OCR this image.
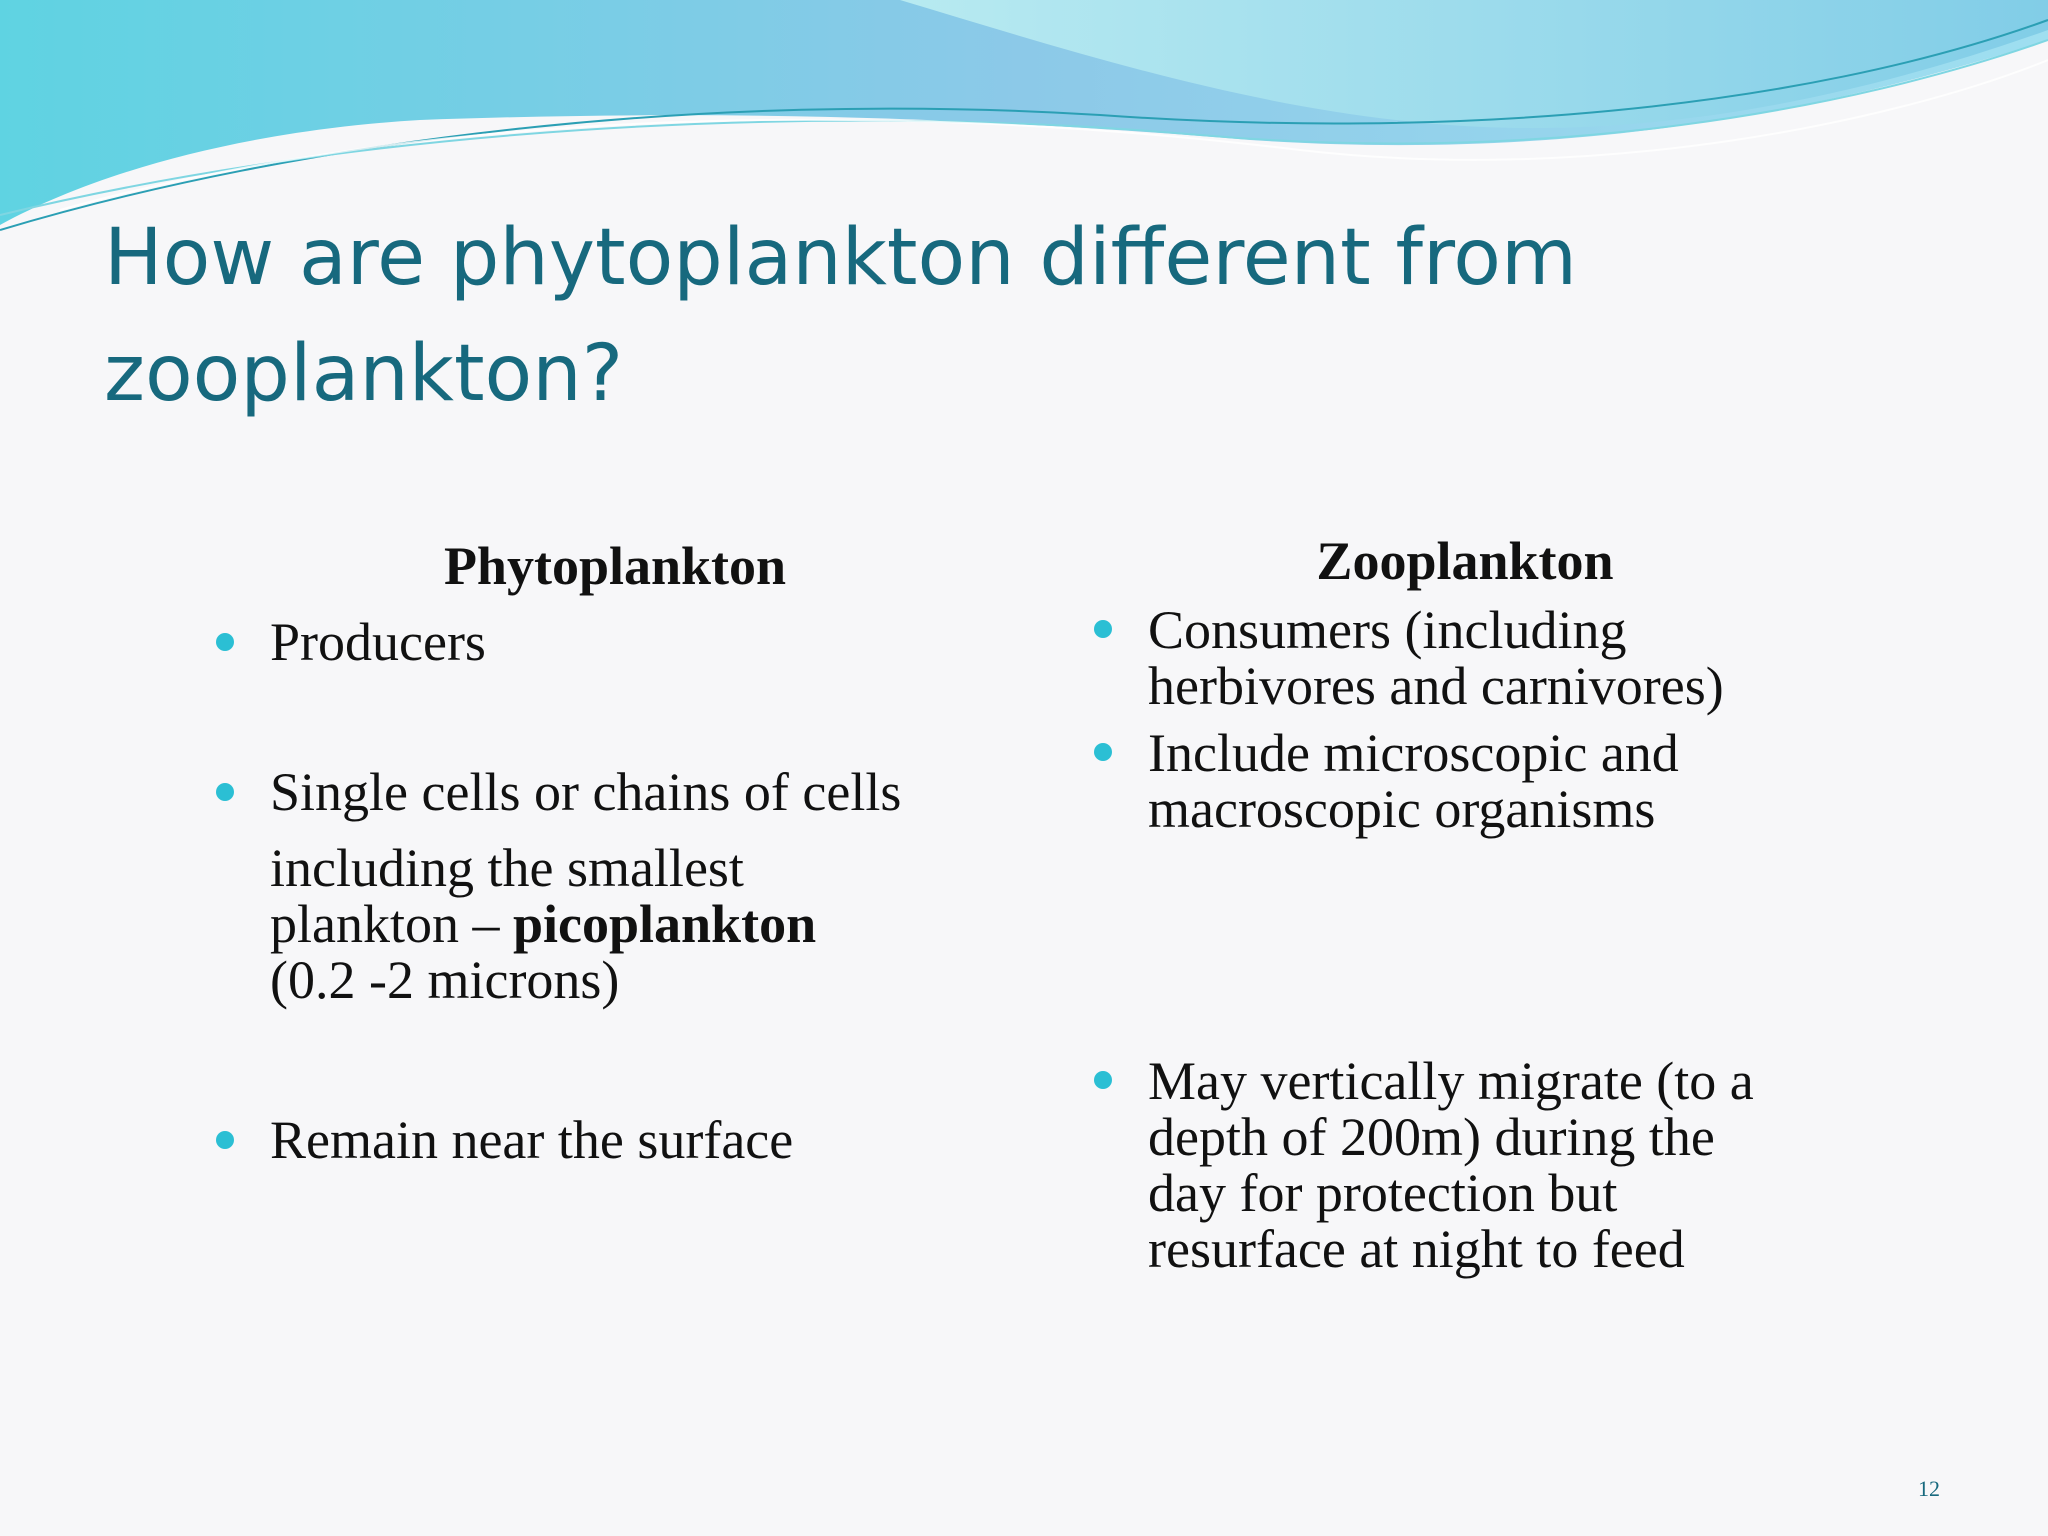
How are phytoplankton different from zooplankton?
Phytoplankton
Producers
Single cells or chains of cells
including the smallest
plankton – picoplankton
(0.2 -2 microns)
Remain near the surface
Zooplankton
Consumers (including
herbivores and carnivores)
Include microscopic and
macroscopic organisms
May vertically migrate (to a
depth of 200m) during the
day for protection but
resurface at night to feed
12
